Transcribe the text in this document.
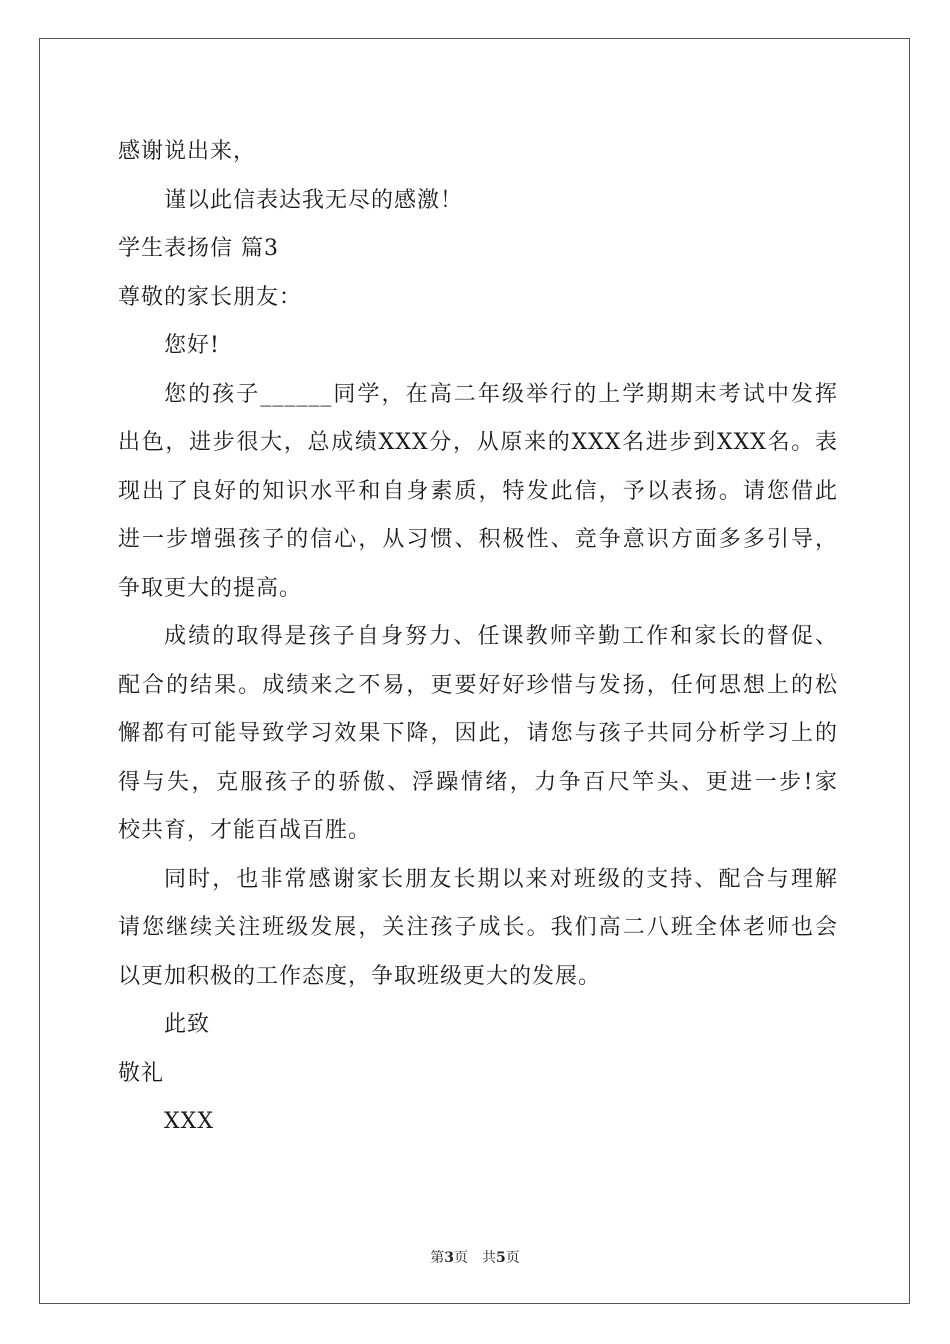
感谢说出来，
谨以此信表达我无尽的感激！
学生表扬信 篇3
尊敬的家长朋友：
您好!
您的孩子______同学，在高二年级举行的上学期期末考试中发挥
出色，进步很大，总成绩XXX分，从原来的XXX名进步到XXX名。表
现出了良好的知识水平和自身素质，特发此信，予以表扬。请您借此
进一步增强孩子的信心，从习惯、积极性、竞争意识方面多多引导，
争取更大的提高。
成绩的取得是孩子自身努力、任课教师辛勤工作和家长的督促、
配合的结果。成绩来之不易，更要好好珍惜与发扬，任何思想上的松
懈都有可能导致学习效果下降，因此，请您与孩子共同分析学习上的
得与失，克服孩子的骄傲、浮躁情绪，力争百尺竿头、更进一步!家
校共育，才能百战百胜。
同时，也非常感谢家长朋友长期以来对班级的支持、配合与理解
请您继续关注班级发展，关注孩子成长。我们高二八班全体老师也会
以更加积极的工作态度，争取班级更大的发展。
此致
敬礼
XXX
第3页　共5页
